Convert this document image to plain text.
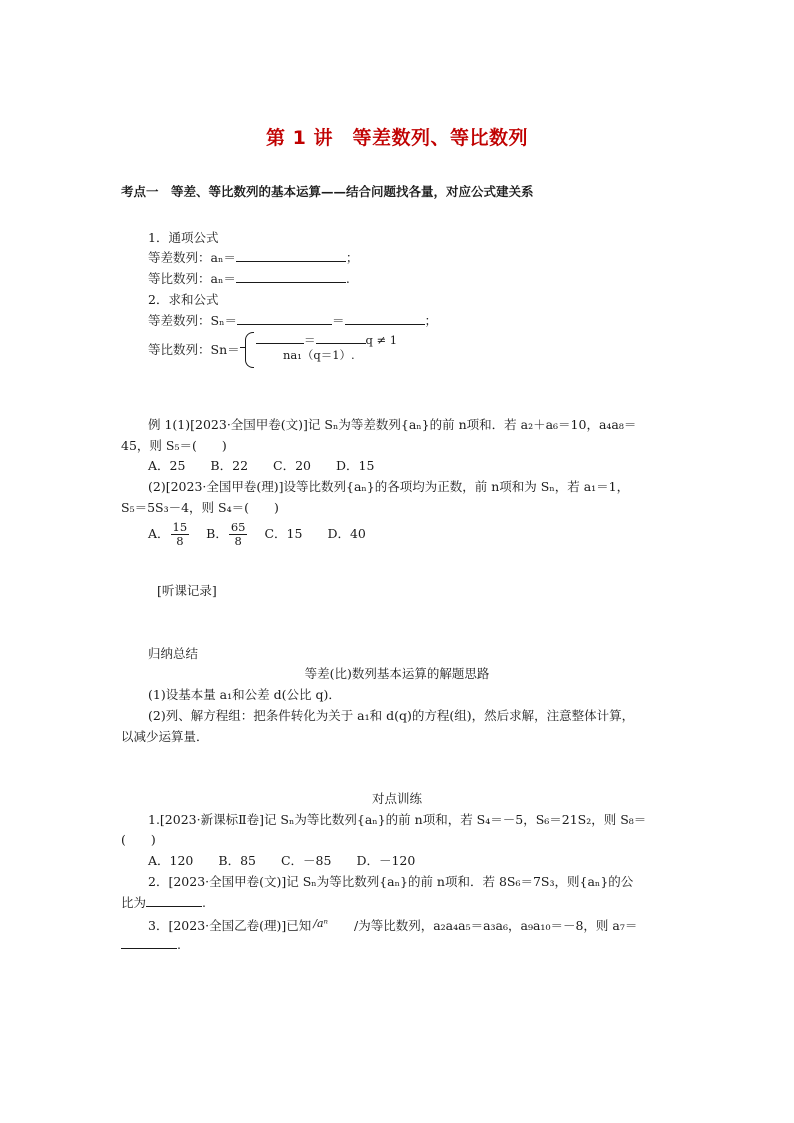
第 1 讲　等差数列、等比数列
考点一　等差、等比数列的基本运算——结合问题找各量，对应公式建关系
1．通项公式
等差数列：aₙ＝	；
等比数列：aₙ＝	.
2．求和公式
等差数列：Sₙ＝	＝	；
等比数列：Sn＝
＝	q ≠ 1
na₁（q＝1）.
例 1(1)[2023·全国甲卷(文)]记 Sₙ为等差数列{aₙ}的前 n项和．若 a₂＋a₆＝10，a₄a₈＝
45，则 S₅＝(　　)
A．25　　B．22　　C．20　　D．15
(2)[2023·全国甲卷(理)]设等比数列{aₙ}的各项均为正数，前 n项和为 Sₙ，若 a₁＝1，
S₅＝5S₃－4，则 S₄＝(　　)
A． $\frac{15}{8}$ B． $\frac{65}{8}$ C．15　　D．40
[听课记录]
归纳总结
等差(比)数列基本运算的解题思路
(1)设基本量 a₁和公差 d(公比 q)．
(2)列、解方程组：把条件转化为关于 a₁和 d(q)的方程(组)，然后求解，注意整体计算，
以减少运算量．
对点训练
1.[2023·新课标Ⅱ卷]记 Sₙ为等比数列{aₙ}的前 n项和，若 S₄＝－5，S₆＝21S₂，则 S₈＝
(　　)
A．120　　B．85　　C．－85　　D．－120
2．[2023·全国甲卷(文)]记 Sₙ为等比数列{aₙ}的前 n项和．若 8S₆＝7S₃，则{aₙ}的公
比为	.
3．[2023·全国乙卷(理)]已知 /aⁿ /为等比数列，a₂a₄a₅＝a₃a₆，a₉a₁₀＝－8，则 a₇＝
.
